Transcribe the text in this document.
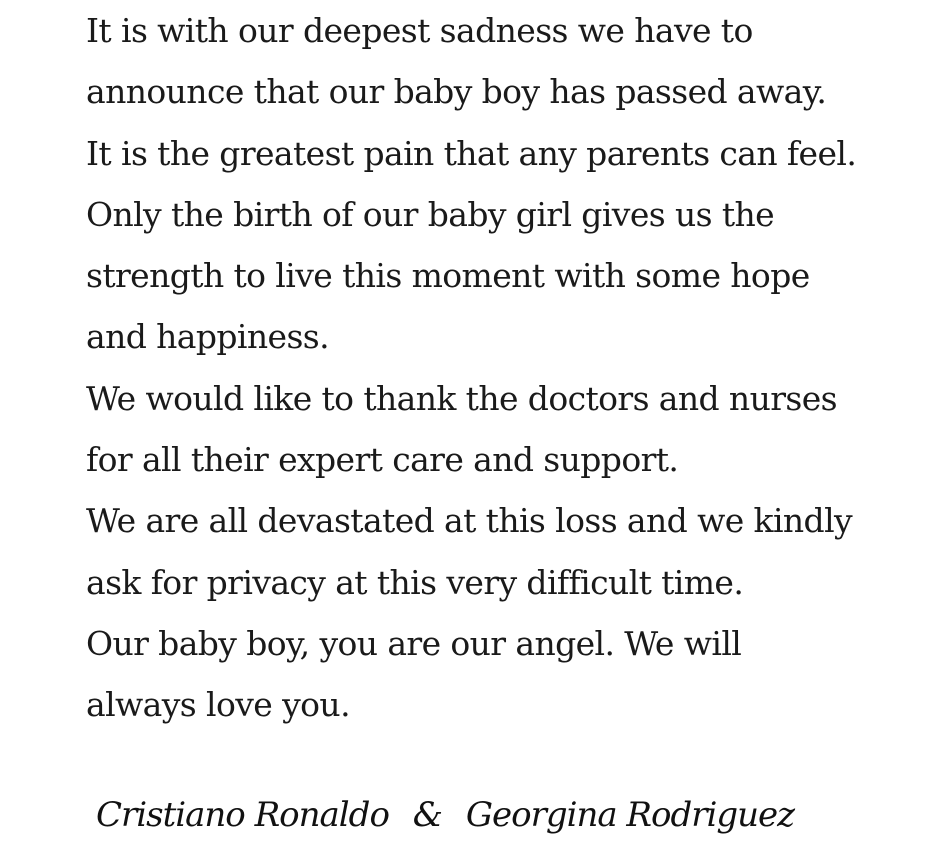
It is with our deepest sadness we have to
announce that our baby boy has passed away.
It is the greatest pain that any parents can feel.
Only the birth of our baby girl gives us the
strength to live this moment with some hope
and happiness.
We would like to thank the doctors and nurses
for all their expert care and support.
We are all devastated at this loss and we kindly
ask for privacy at this very difficult time.
Our baby boy, you are our angel. We will
always love you.
Cristiano Ronaldo & Georgina Rodriguez
